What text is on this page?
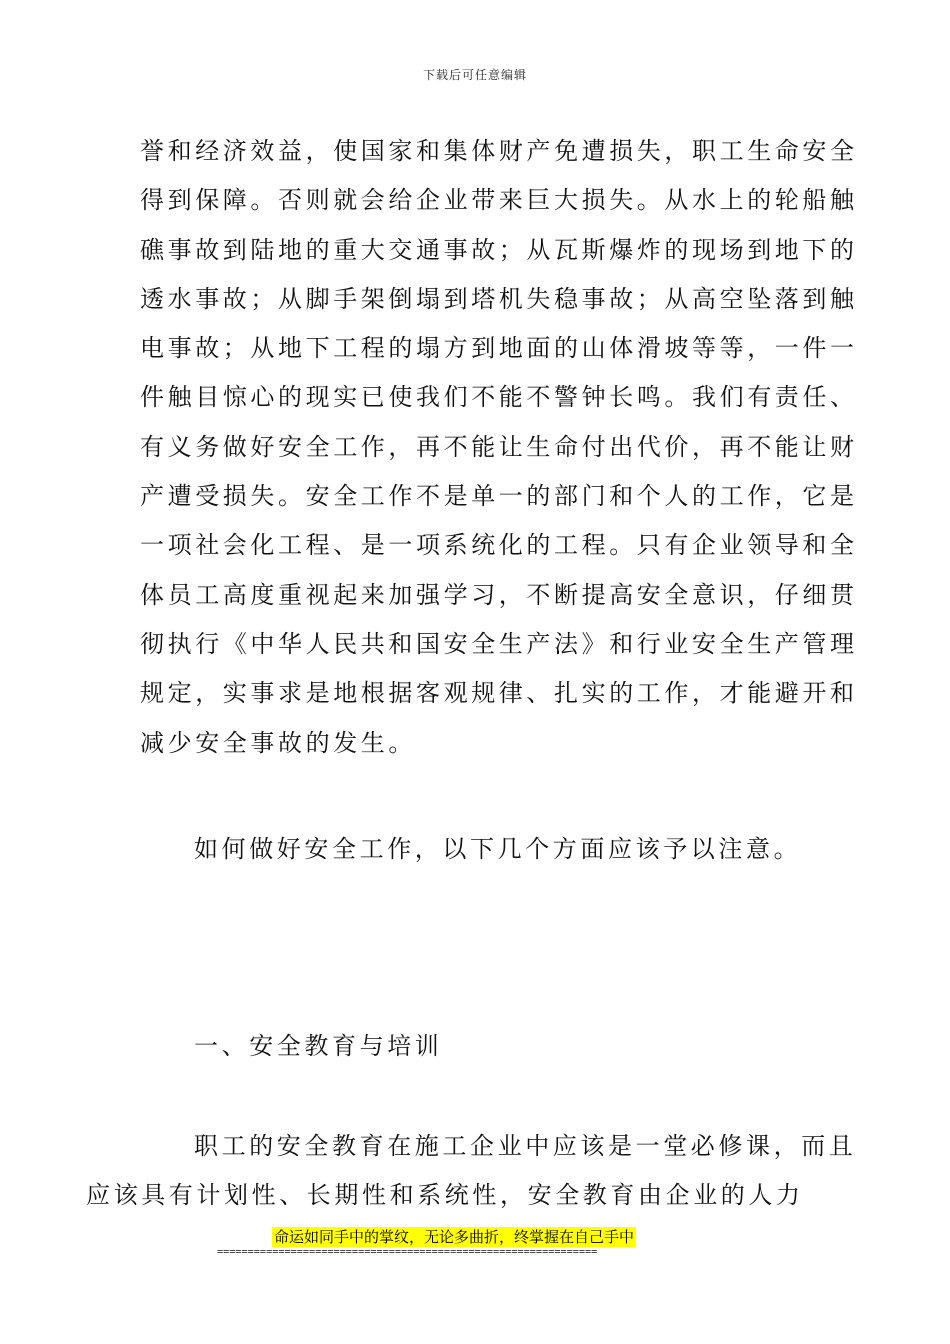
下载后可任意编辑
誉和经济效益，使国家和集体财产免遭损失，职工生命安全
得到保障。否则就会给企业带来巨大损失。从水上的轮船触
礁事故到陆地的重大交通事故；从瓦斯爆炸的现场到地下的
透水事故；从脚手架倒塌到塔机失稳事故；从高空坠落到触
电事故；从地下工程的塌方到地面的山体滑坡等等，一件一
件触目惊心的现实已使我们不能不警钟长鸣。我们有责任、
有义务做好安全工作，再不能让生命付出代价，再不能让财
产遭受损失。安全工作不是单一的部门和个人的工作，它是
一项社会化工程、是一项系统化的工程。只有企业领导和全
体员工高度重视起来加强学习，不断提高安全意识，仔细贯
彻执行《中华人民共和国安全生产法》和行业安全生产管理
规定，实事求是地根据客观规律、扎实的工作，才能避开和
减少安全事故的发生。
如何做好安全工作，以下几个方面应该予以注意。
一、安全教育与培训
职工的安全教育在施工企业中应该是一堂必修课，而且
应该具有计划性、长期性和系统性，安全教育由企业的人力
命运如同手中的掌纹，无论多曲折，终掌握在自己手中
==============================================================
